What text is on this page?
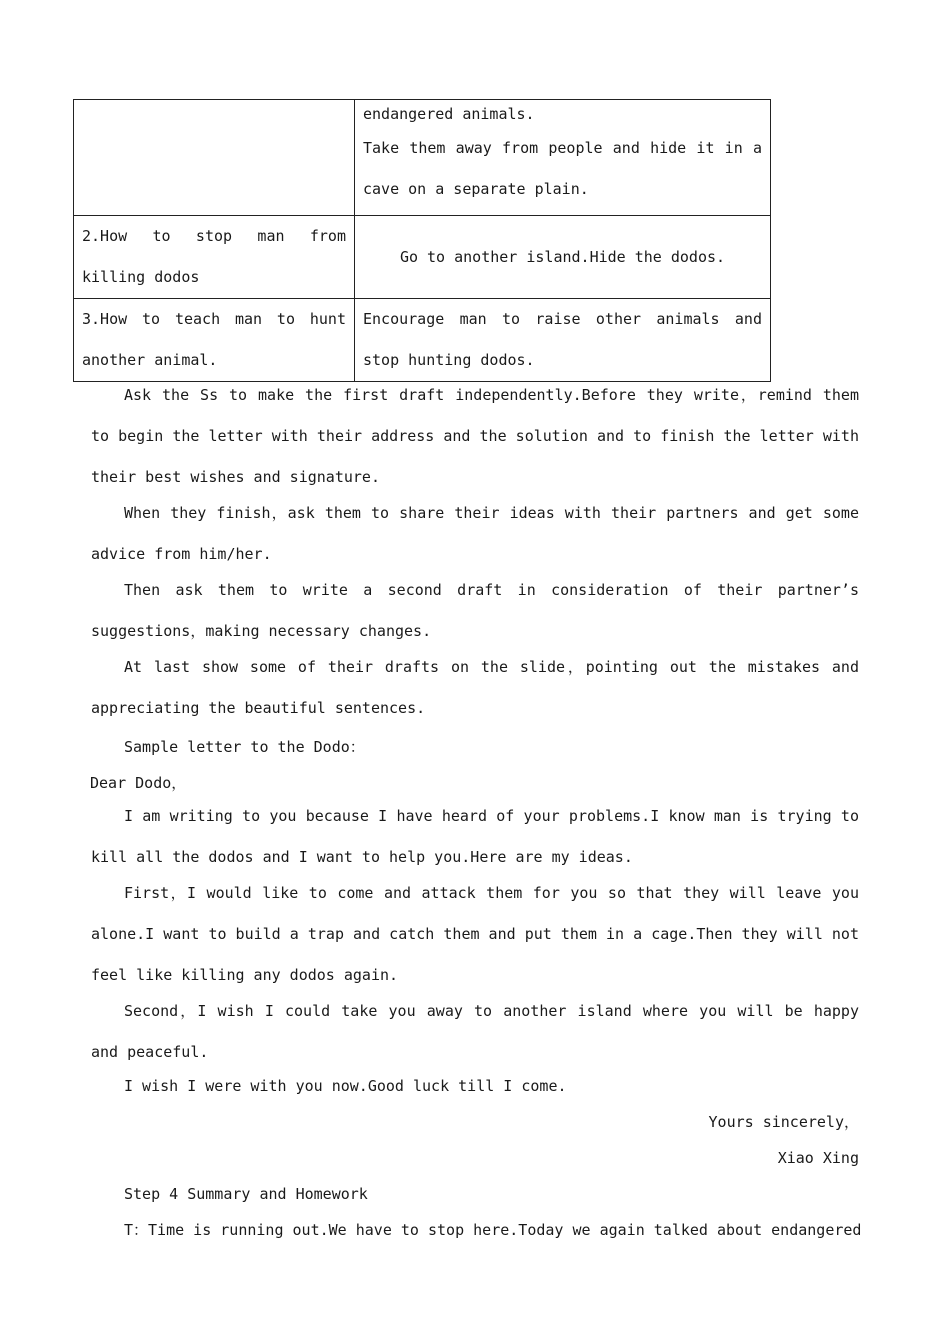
	endangered animals.
Take them away from people and hide it in a cave on a separate plain.
2.How to stop man from killing dodos	Go to another island.Hide the dodos.
3.How to teach man to hunt another animal.	Encourage man to raise other animals and stop hunting dodos.

Ask the Ss to make the first draft independently.Before they write，remind them to begin the letter with their address and the solution and to finish the letter with their best wishes and signature.

When they finish，ask them to share their ideas with their partners and get some advice from him/her.

Then ask them to write a second draft in consideration of their partner’s suggestions，making necessary changes.

At last show some of their drafts on the slide，pointing out the mistakes and appreciating the beautiful sentences.

Sample letter to the Dodo：

Dear Dodo，

I am writing to you because I have heard of your problems.I know man is trying to kill all the dodos and I want to help you.Here are my ideas.

First，I would like to come and attack them for you so that they will leave you alone.I want to build a trap and catch them and put them in a cage.Then they will not feel like killing any dodos again.

Second，I wish I could take you away to another island where you will be happy and peaceful.

I wish I were with you now.Good luck till I come.

Yours sincerely，

Xiao Xing

Step 4 Summary and Homework

T：Time is running out.We have to stop here.Today we again talked about endangered
